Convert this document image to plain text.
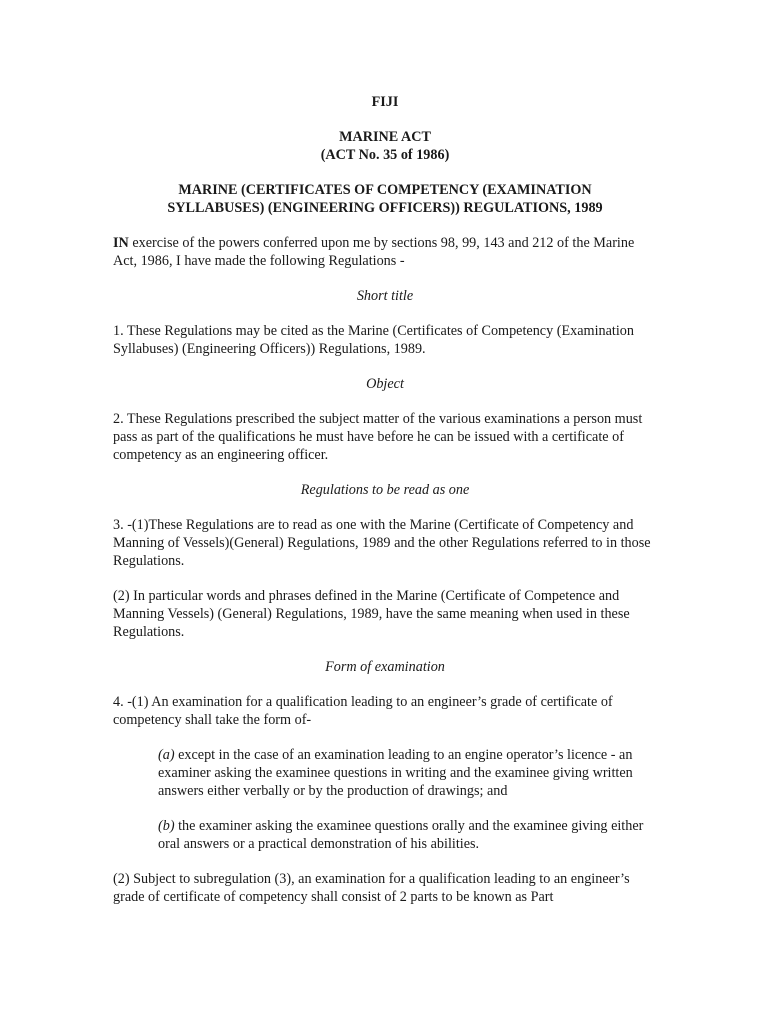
FIJI

MARINE ACT

(ACT No. 35 of 1986)

MARINE (CERTIFICATES OF COMPETENCY (EXAMINATION

SYLLABUSES) (ENGINEERING OFFICERS)) REGULATIONS, 1989

IN exercise of the powers conferred upon me by sections 98, 99, 143 and 212 of the Marine Act, 1986, I have made the following Regulations -

Short title

1. These Regulations may be cited as the Marine (Certificates of Competency (Examination Syllabuses) (Engineering Officers)) Regulations, 1989.

Object

2. These Regulations prescribed the subject matter of the various examinations a person must pass as part of the qualifications he must have before he can be issued with a certificate of competency as an engineering officer.

Regulations to be read as one

3. -(1)These Regulations are to read as one with the Marine (Certificate of Competency and Manning of Vessels)(General) Regulations, 1989 and the other Regulations referred to in those Regulations.

(2) In particular words and phrases defined in the Marine (Certificate of Competence and Manning Vessels) (General) Regulations, 1989, have the same meaning when used in these Regulations.

Form of examination

4. -(1) An examination for a qualification leading to an engineer’s grade of certificate of competency shall take the form of-

(a) except in the case of an examination leading to an engine operator’s licence - an examiner asking the examinee questions in writing and the examinee giving written answers either verbally or by the production of drawings; and

(b) the examiner asking the examinee questions orally and the examinee giving either oral answers or a practical demonstration of his abilities.

(2) Subject to subregulation (3), an examination for a qualification leading to an engineer’s grade of certificate of competency shall consist of 2 parts to be known as Part
